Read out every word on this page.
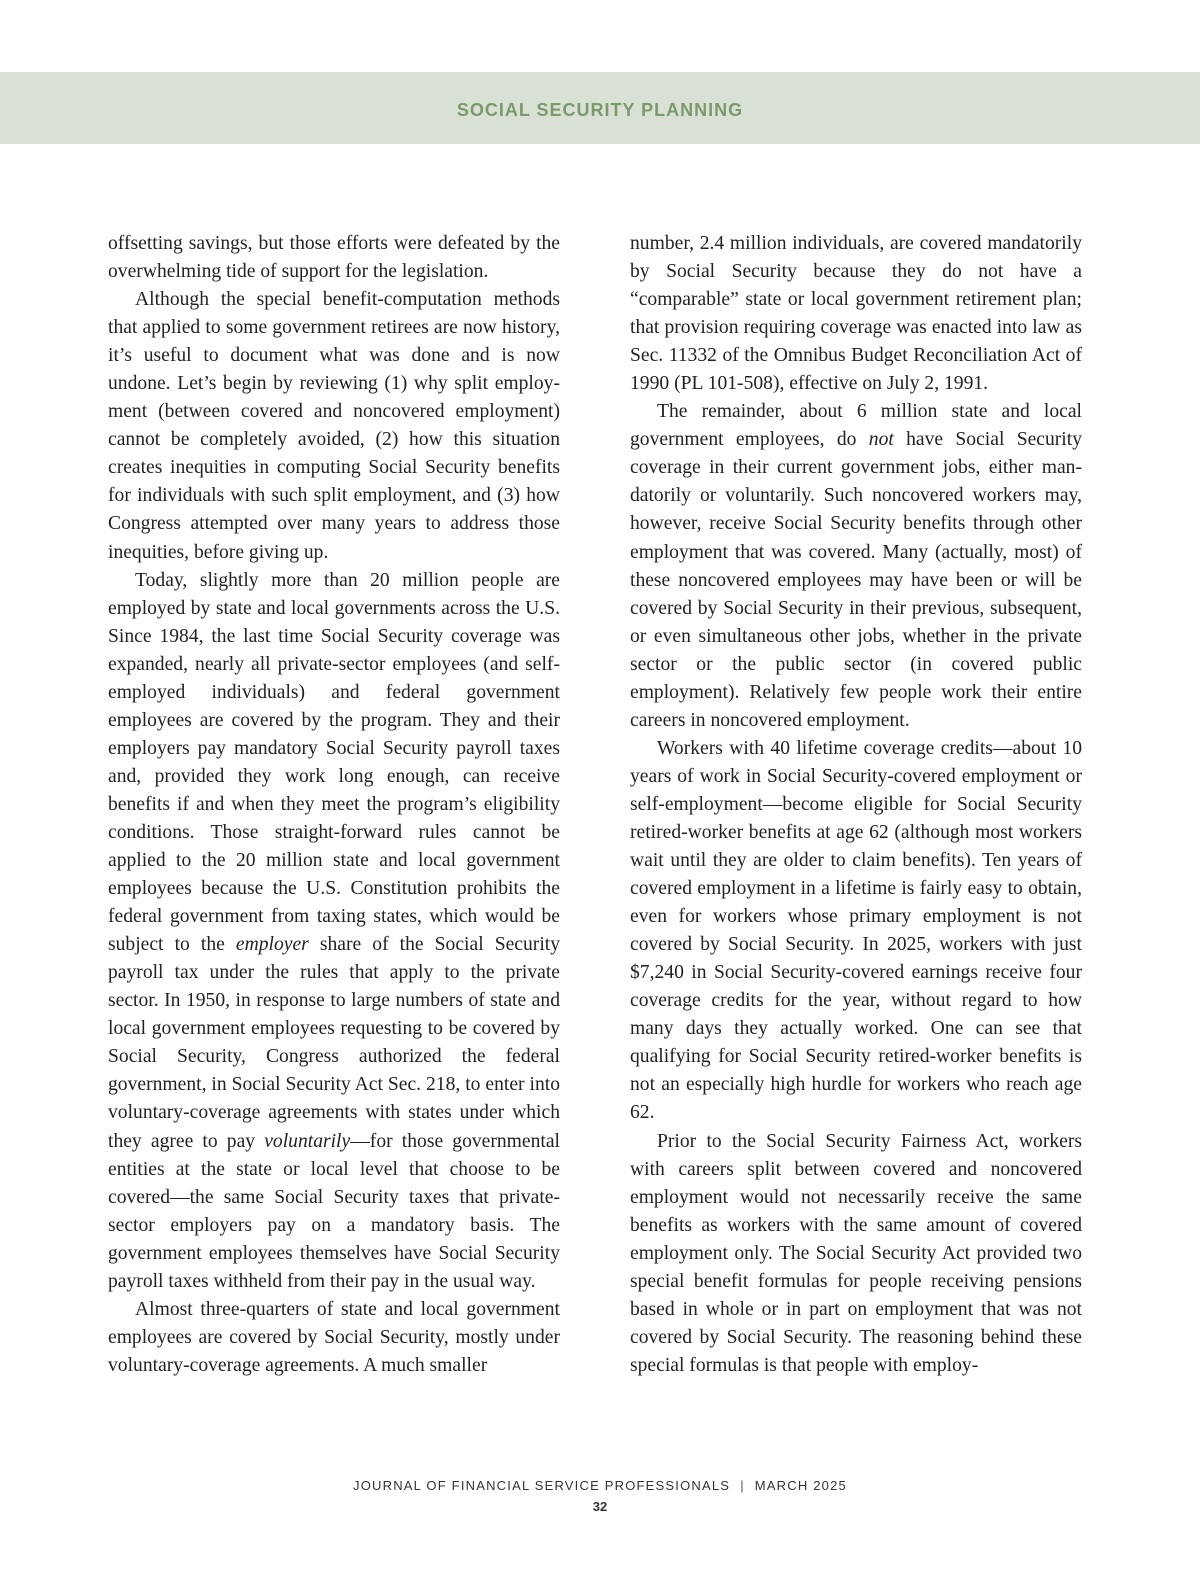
SOCIAL SECURITY PLANNING

offsetting savings, but those efforts were defeated by the overwhelming tide of support for the legislation.

Although the special benefit-computation methods that applied to some government retirees are now history, it’s useful to document what was done and is now undone. Let’s begin by reviewing (1) why split employment (between covered and noncovered employment) cannot be completely avoided, (2) how this situation creates inequities in computing Social Security benefits for individuals with such split employment, and (3) how Congress attempted over many years to address those inequities, before giving up.

Today, slightly more than 20 million people are employed by state and local governments across the U.S. Since 1984, the last time Social Security coverage was expanded, nearly all private-sector employees (and self-employed individuals) and federal government employees are covered by the program. They and their employers pay mandatory Social Security payroll taxes and, provided they work long enough, can receive benefits if and when they meet the program’s eligibility conditions. Those straight-forward rules cannot be applied to the 20 million state and local government employees because the U.S. Constitution prohibits the federal government from taxing states, which would be subject to the employer share of the Social Security payroll tax under the rules that apply to the private sector. In 1950, in response to large numbers of state and local government employees requesting to be covered by Social Security, Congress authorized the federal government, in Social Security Act Sec. 218, to enter into voluntary-coverage agreements with states under which they agree to pay voluntarily—for those governmental entities at the state or local level that choose to be covered—the same Social Security taxes that private-sector employers pay on a mandatory basis. The government employees themselves have Social Security payroll taxes withheld from their pay in the usual way.

Almost three-quarters of state and local government employees are covered by Social Security, mostly under voluntary-coverage agreements. A much smaller

number, 2.4 million individuals, are covered mandatorily by Social Security because they do not have a “comparable” state or local government retirement plan; that provision requiring coverage was enacted into law as Sec. 11332 of the Omnibus Budget Reconciliation Act of 1990 (PL 101-508), effective on July 2, 1991.

The remainder, about 6 million state and local government employees, do not have Social Security coverage in their current government jobs, either mandatorily or voluntarily. Such noncovered workers may, however, receive Social Security benefits through other employment that was covered. Many (actually, most) of these noncovered employees may have been or will be covered by Social Security in their previous, subsequent, or even simultaneous other jobs, whether in the private sector or the public sector (in covered public employment). Relatively few people work their entire careers in noncovered employment.

Workers with 40 lifetime coverage credits—about 10 years of work in Social Security-covered employment or self-employment—become eligible for Social Security retired-worker benefits at age 62 (although most workers wait until they are older to claim benefits). Ten years of covered employment in a lifetime is fairly easy to obtain, even for workers whose primary employment is not covered by Social Security. In 2025, workers with just $7,240 in Social Security-covered earnings receive four coverage credits for the year, without regard to how many days they actually worked. One can see that qualifying for Social Security retired-worker benefits is not an especially high hurdle for workers who reach age 62.

Prior to the Social Security Fairness Act, workers with careers split between covered and noncovered employment would not necessarily receive the same benefits as workers with the same amount of covered employment only. The Social Security Act provided two special benefit formulas for people receiving pensions based in whole or in part on employment that was not covered by Social Security. The reasoning behind these special formulas is that people with employ-

JOURNAL OF FINANCIAL SERVICE PROFESSIONALS | MARCH 2025
32
